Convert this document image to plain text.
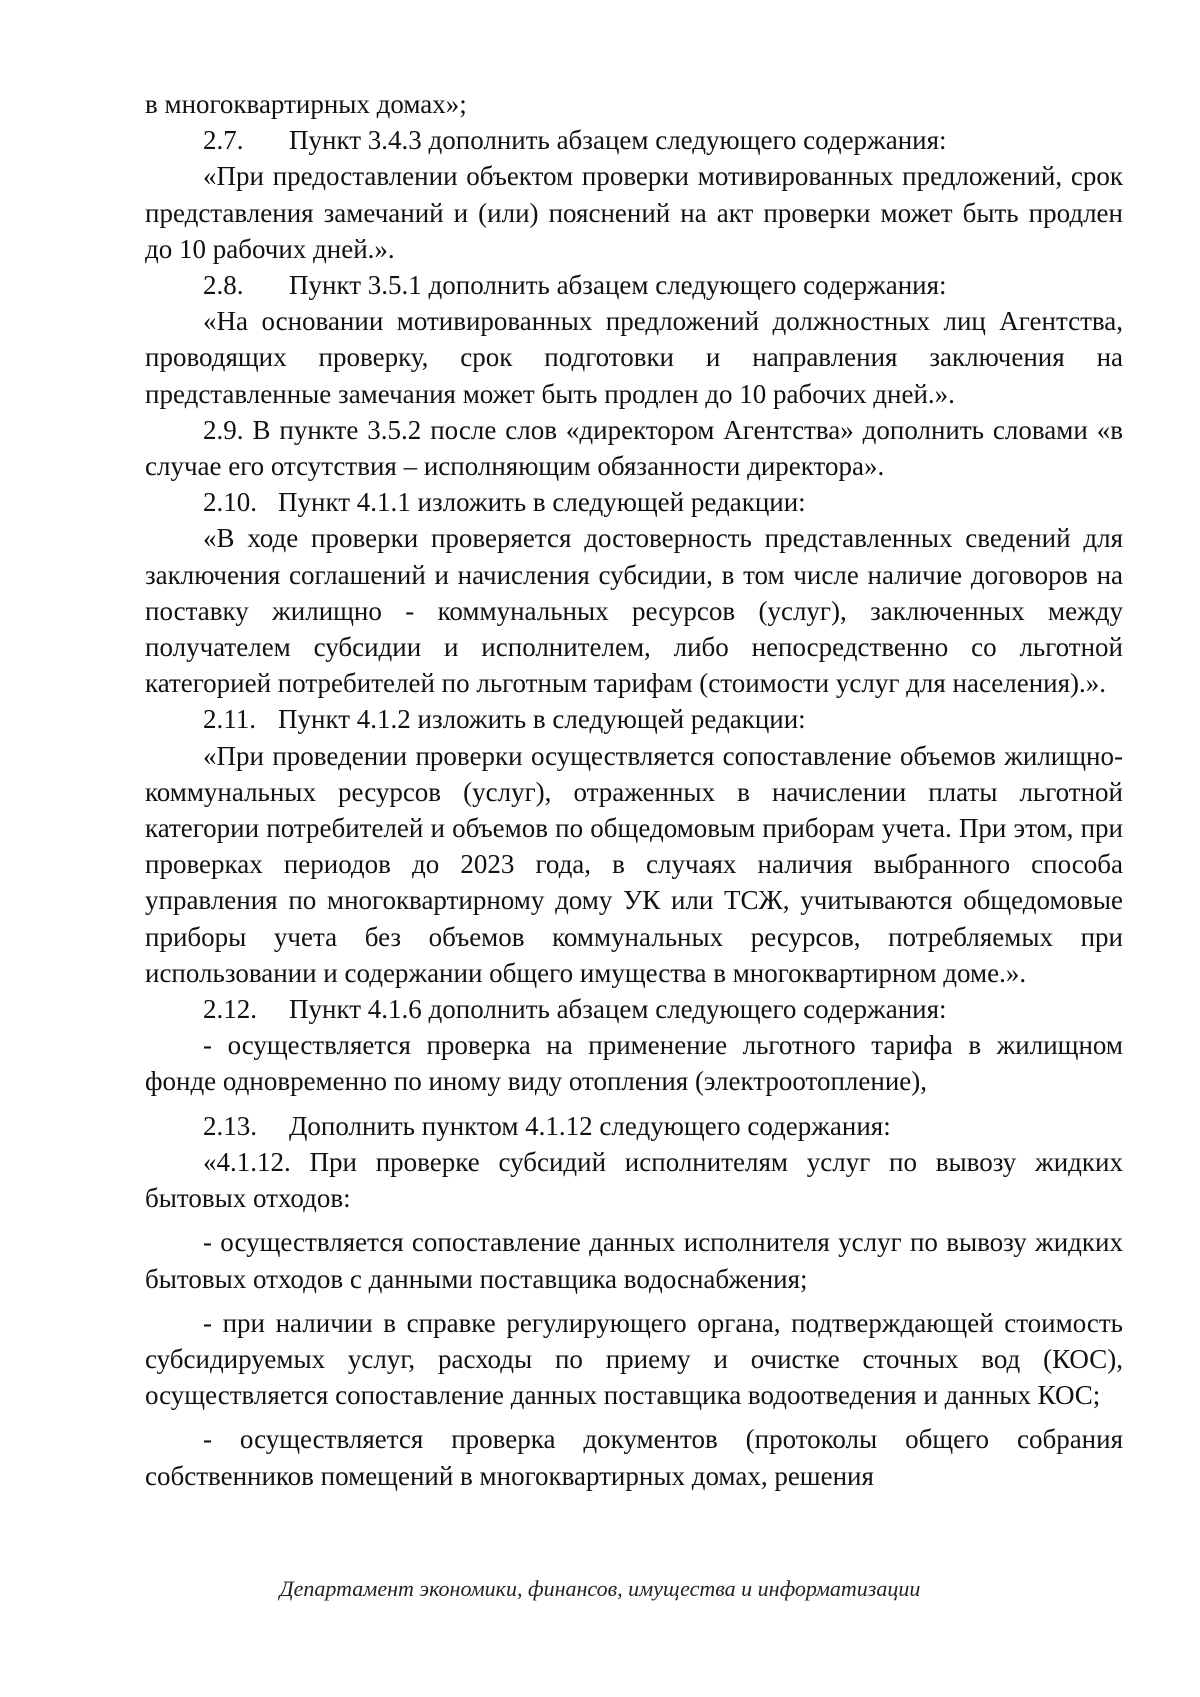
в многоквартирных домах»;

2.7. Пункт 3.4.3 дополнить абзацем следующего содержания:

«При предоставлении объектом проверки мотивированных предложений, срок представления замечаний и (или) пояснений на акт проверки может быть продлен до 10 рабочих дней.».

2.8. Пункт 3.5.1 дополнить абзацем следующего содержания:

«На основании мотивированных предложений должностных лиц Агентства, проводящих проверку, срок подготовки и направления заключения на представленные замечания может быть продлен до 10 рабочих дней.».

2.9. В пункте 3.5.2 после слов «директором Агентства» дополнить словами «в случае его отсутствия – исполняющим обязанности директора».

2.10. Пункт 4.1.1 изложить в следующей редакции:

«В ходе проверки проверяется достоверность представленных сведений для заключения соглашений и начисления субсидии, в том числе наличие договоров на поставку жилищно - коммунальных ресурсов (услуг), заключенных между получателем субсидии и исполнителем, либо непосредственно со льготной категорией потребителей по льготным тарифам (стоимости услуг для населения).».

2.11. Пункт 4.1.2 изложить в следующей редакции:

«При проведении проверки осуществляется сопоставление объемов жилищно-коммунальных ресурсов (услуг), отраженных в начислении платы льготной категории потребителей и объемов по общедомовым приборам учета. При этом, при проверках периодов до 2023 года, в случаях наличия выбранного способа управления по многоквартирному дому УК или ТСЖ, учитываются общедомовые приборы учета без объемов коммунальных ресурсов, потребляемых при использовании и содержании общего имущества в многоквартирном доме.».

2.12. Пункт 4.1.6 дополнить абзацем следующего содержания:

- осуществляется проверка на применение льготного тарифа в жилищном фонде одновременно по иному виду отопления (электроотопление),

2.13. Дополнить пунктом 4.1.12 следующего содержания:

«4.1.12. При проверке субсидий исполнителям услуг по вывозу жидких бытовых отходов:

- осуществляется сопоставление данных исполнителя услуг по вывозу жидких бытовых отходов с данными поставщика водоснабжения;

- при наличии в справке регулирующего органа, подтверждающей стоимость субсидируемых услуг, расходы по приему и очистке сточных вод (КОС), осуществляется сопоставление данных поставщика водоотведения и данных КОС;

- осуществляется проверка документов (протоколы общего собрания собственников помещений в многоквартирных домах, решения

Департамент экономики, финансов, имущества и информатизации
